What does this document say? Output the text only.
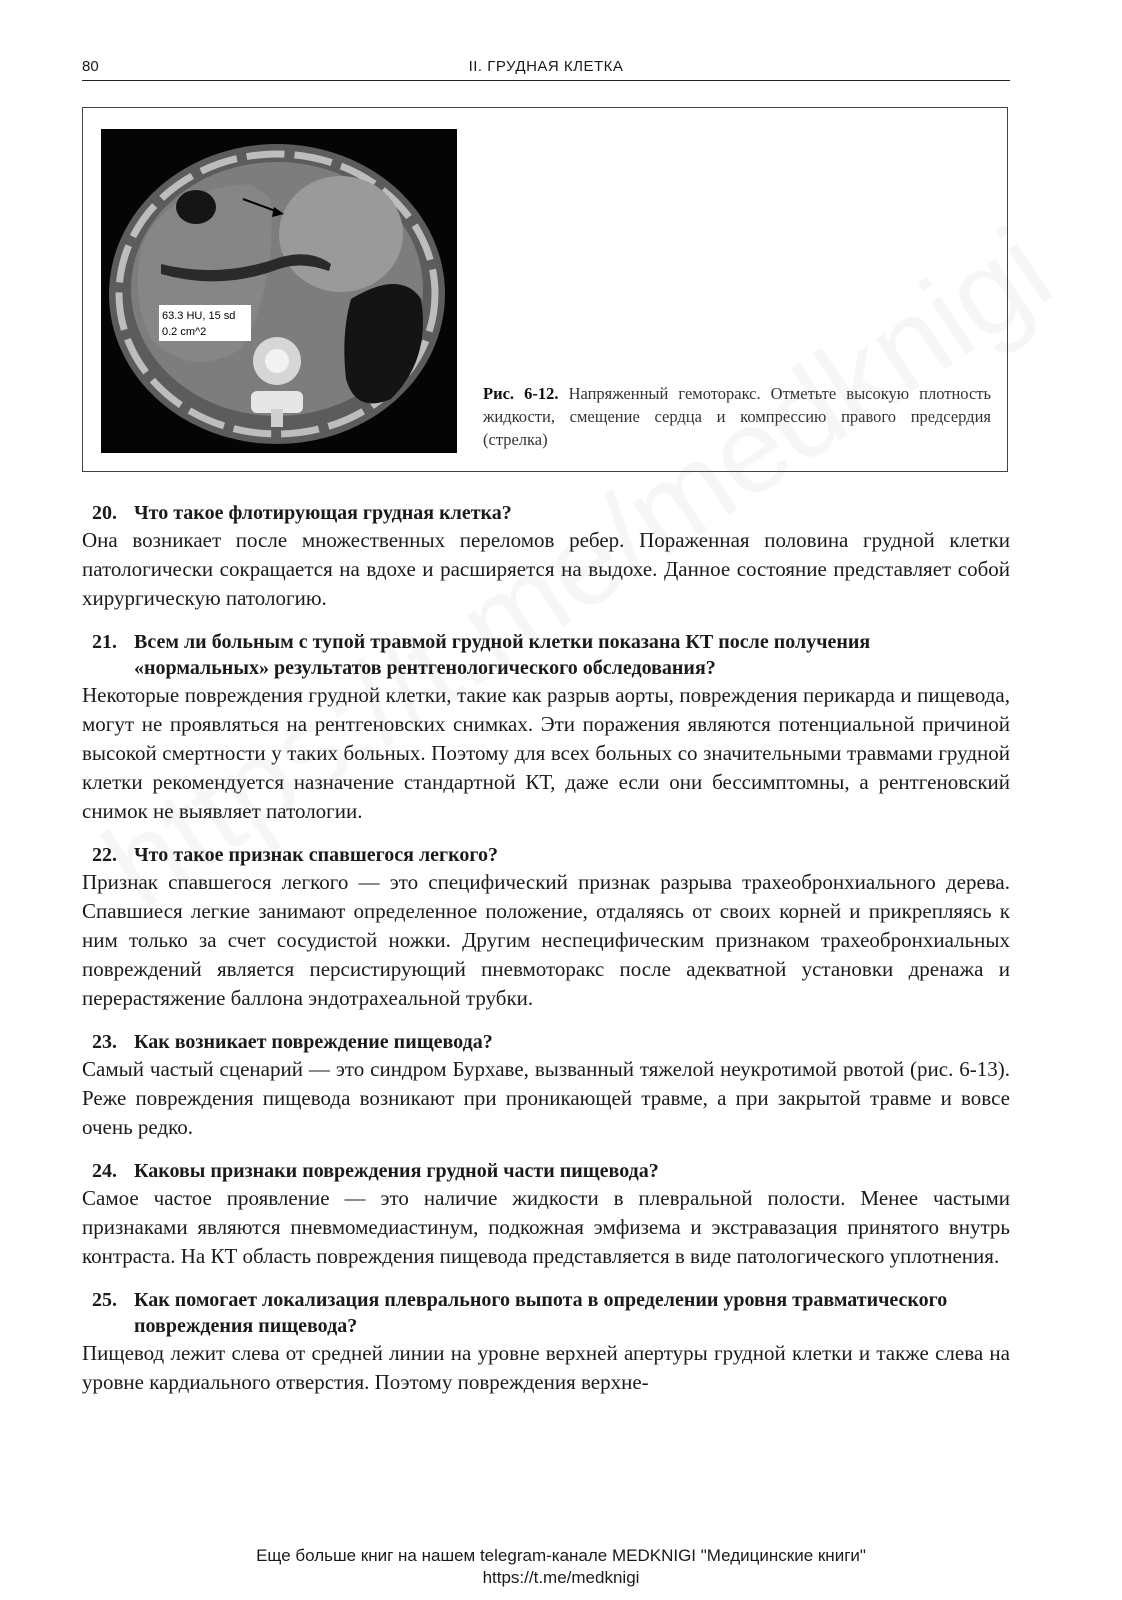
80	II. ГРУДНАЯ КЛЕТКА
63.3 HU, 15 sd
0.2 cm^2
Рис. 6-12. Напряженный гемоторакс. Отметьте высокую плотность жидкости, смещение сердца и компрессию правого предсердия (стрелка)

20. Что такое флотирующая грудная клетка?

Она возникает после множественных переломов ребер. Пораженная половина грудной клетки патологически сокращается на вдохе и расширяется на выдохе. Данное состояние представляет собой хирургическую патологию.

21. Всем ли больным с тупой травмой грудной клетки показана КТ после получения «нормальных» результатов рентгенологического обследования?

Некоторые повреждения грудной клетки, такие как разрыв аорты, повреждения перикарда и пищевода, могут не проявляться на рентгеновских снимках. Эти поражения являются потенциальной причиной высокой смертности у таких больных. Поэтому для всех больных со значительными травмами грудной клетки рекомендуется назначение стандартной КТ, даже если они бессимптомны, а рентгеновский снимок не выявляет патологии.

22. Что такое признак спавшегося легкого?

Признак спавшегося легкого — это специфический признак разрыва трахеобронхиального дерева. Спавшиеся легкие занимают определенное положение, отдаляясь от своих корней и прикрепляясь к ним только за счет сосудистой ножки. Другим неспецифическим признаком трахеобронхиальных повреждений является персистирующий пневмоторакс после адекватной установки дренажа и перерастяжение баллона эндотрахеальной трубки.

23. Как возникает повреждение пищевода?

Самый частый сценарий — это синдром Бурхаве, вызванный тяжелой неукротимой рвотой (рис. 6-13). Реже повреждения пищевода возникают при проникающей травме, а при закрытой травме и вовсе очень редко.

24. Каковы признаки повреждения грудной части пищевода?

Самое частое проявление — это наличие жидкости в плевральной полости. Менее частыми признаками являются пневмомедиастинум, подкожная эмфизема и экстравазация принятого внутрь контраста. На КТ область повреждения пищевода представляется в виде патологического уплотнения.

25. Как помогает локализация плеврального выпота в определении уровня травматического повреждения пищевода?

Пищевод лежит слева от средней линии на уровне верхней апертуры грудной клетки и также слева на уровне кардиального отверстия. Поэтому повреждения верхне-

Еще больше книг на нашем telegram-канале MEDKNIGI "Медицинские книги"
https://t.me/medknigi
